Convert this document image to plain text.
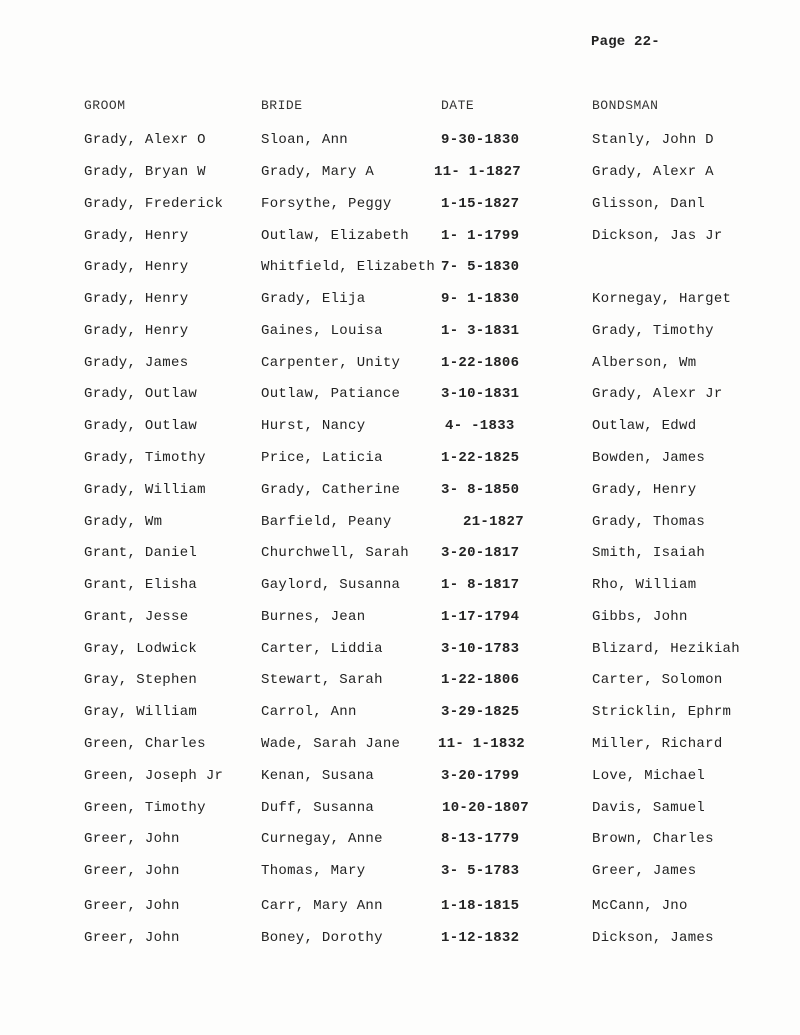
Page 22-
GROOM	BRIDE	DATE	BONDSMAN
Grady, Alexr O	Sloan, Ann	9-30-1830	Stanly, John D
Grady, Bryan W	Grady, Mary A	11- 1-1827	Grady, Alexr A
Grady, Frederick	Forsythe, Peggy	1-15-1827	Glisson, Danl
Grady, Henry	Outlaw, Elizabeth 1- 1-1799	Dickson, Jas Jr
Grady, Henry	Whitfield, Elizabeth 7- 5-1830
Grady, Henry	Grady, Elija	9- 1-1830	Kornegay, Harget
Grady, Henry	Gaines, Louisa	1- 3-1831	Grady, Timothy
Grady, James	Carpenter, Unity	1-22-1806	Alberson, Wm
Grady, Outlaw	Outlaw, Patiance	3-10-1831	Grady, Alexr Jr
Grady, Outlaw	Hurst, Nancy	4- -1833	Outlaw, Edwd
Grady, Timothy	Price, Laticia	1-22-1825	Bowden, James
Grady, William	Grady, Catherine	3- 8-1850	Grady, Henry
Grady, Wm	Barfield, Peany	21-1827	Grady, Thomas
Grant, Daniel	Churchwell, Sarah 3-20-1817	Smith, Isaiah
Grant, Elisha	Gaylord, Susanna	1- 8-1817	Rho, William
Grant, Jesse	Burnes, Jean	1-17-1794	Gibbs, John
Gray, Lodwick	Carter, Liddia	3-10-1783	Blizard, Hezikiah
Gray, Stephen	Stewart, Sarah	1-22-1806	Carter, Solomon
Gray, William	Carrol, Ann	3-29-1825	Stricklin, Ephrm
Green, Charles	Wade, Sarah Jane	11- 1-1832	Miller, Richard
Green, Joseph Jr	Kenan, Susana	3-20-1799	Love, Michael
Green, Timothy	Duff, Susanna	10-20-1807	Davis, Samuel
Greer, John	Curnegay, Anne	8-13-1779	Brown, Charles
Greer, John	Thomas, Mary	3- 5-1783	Greer, James
Greer, John	Carr, Mary Ann	1-18-1815	McCann, Jno
Greer, John	Boney, Dorothy	1-12-1832	Dickson, James
